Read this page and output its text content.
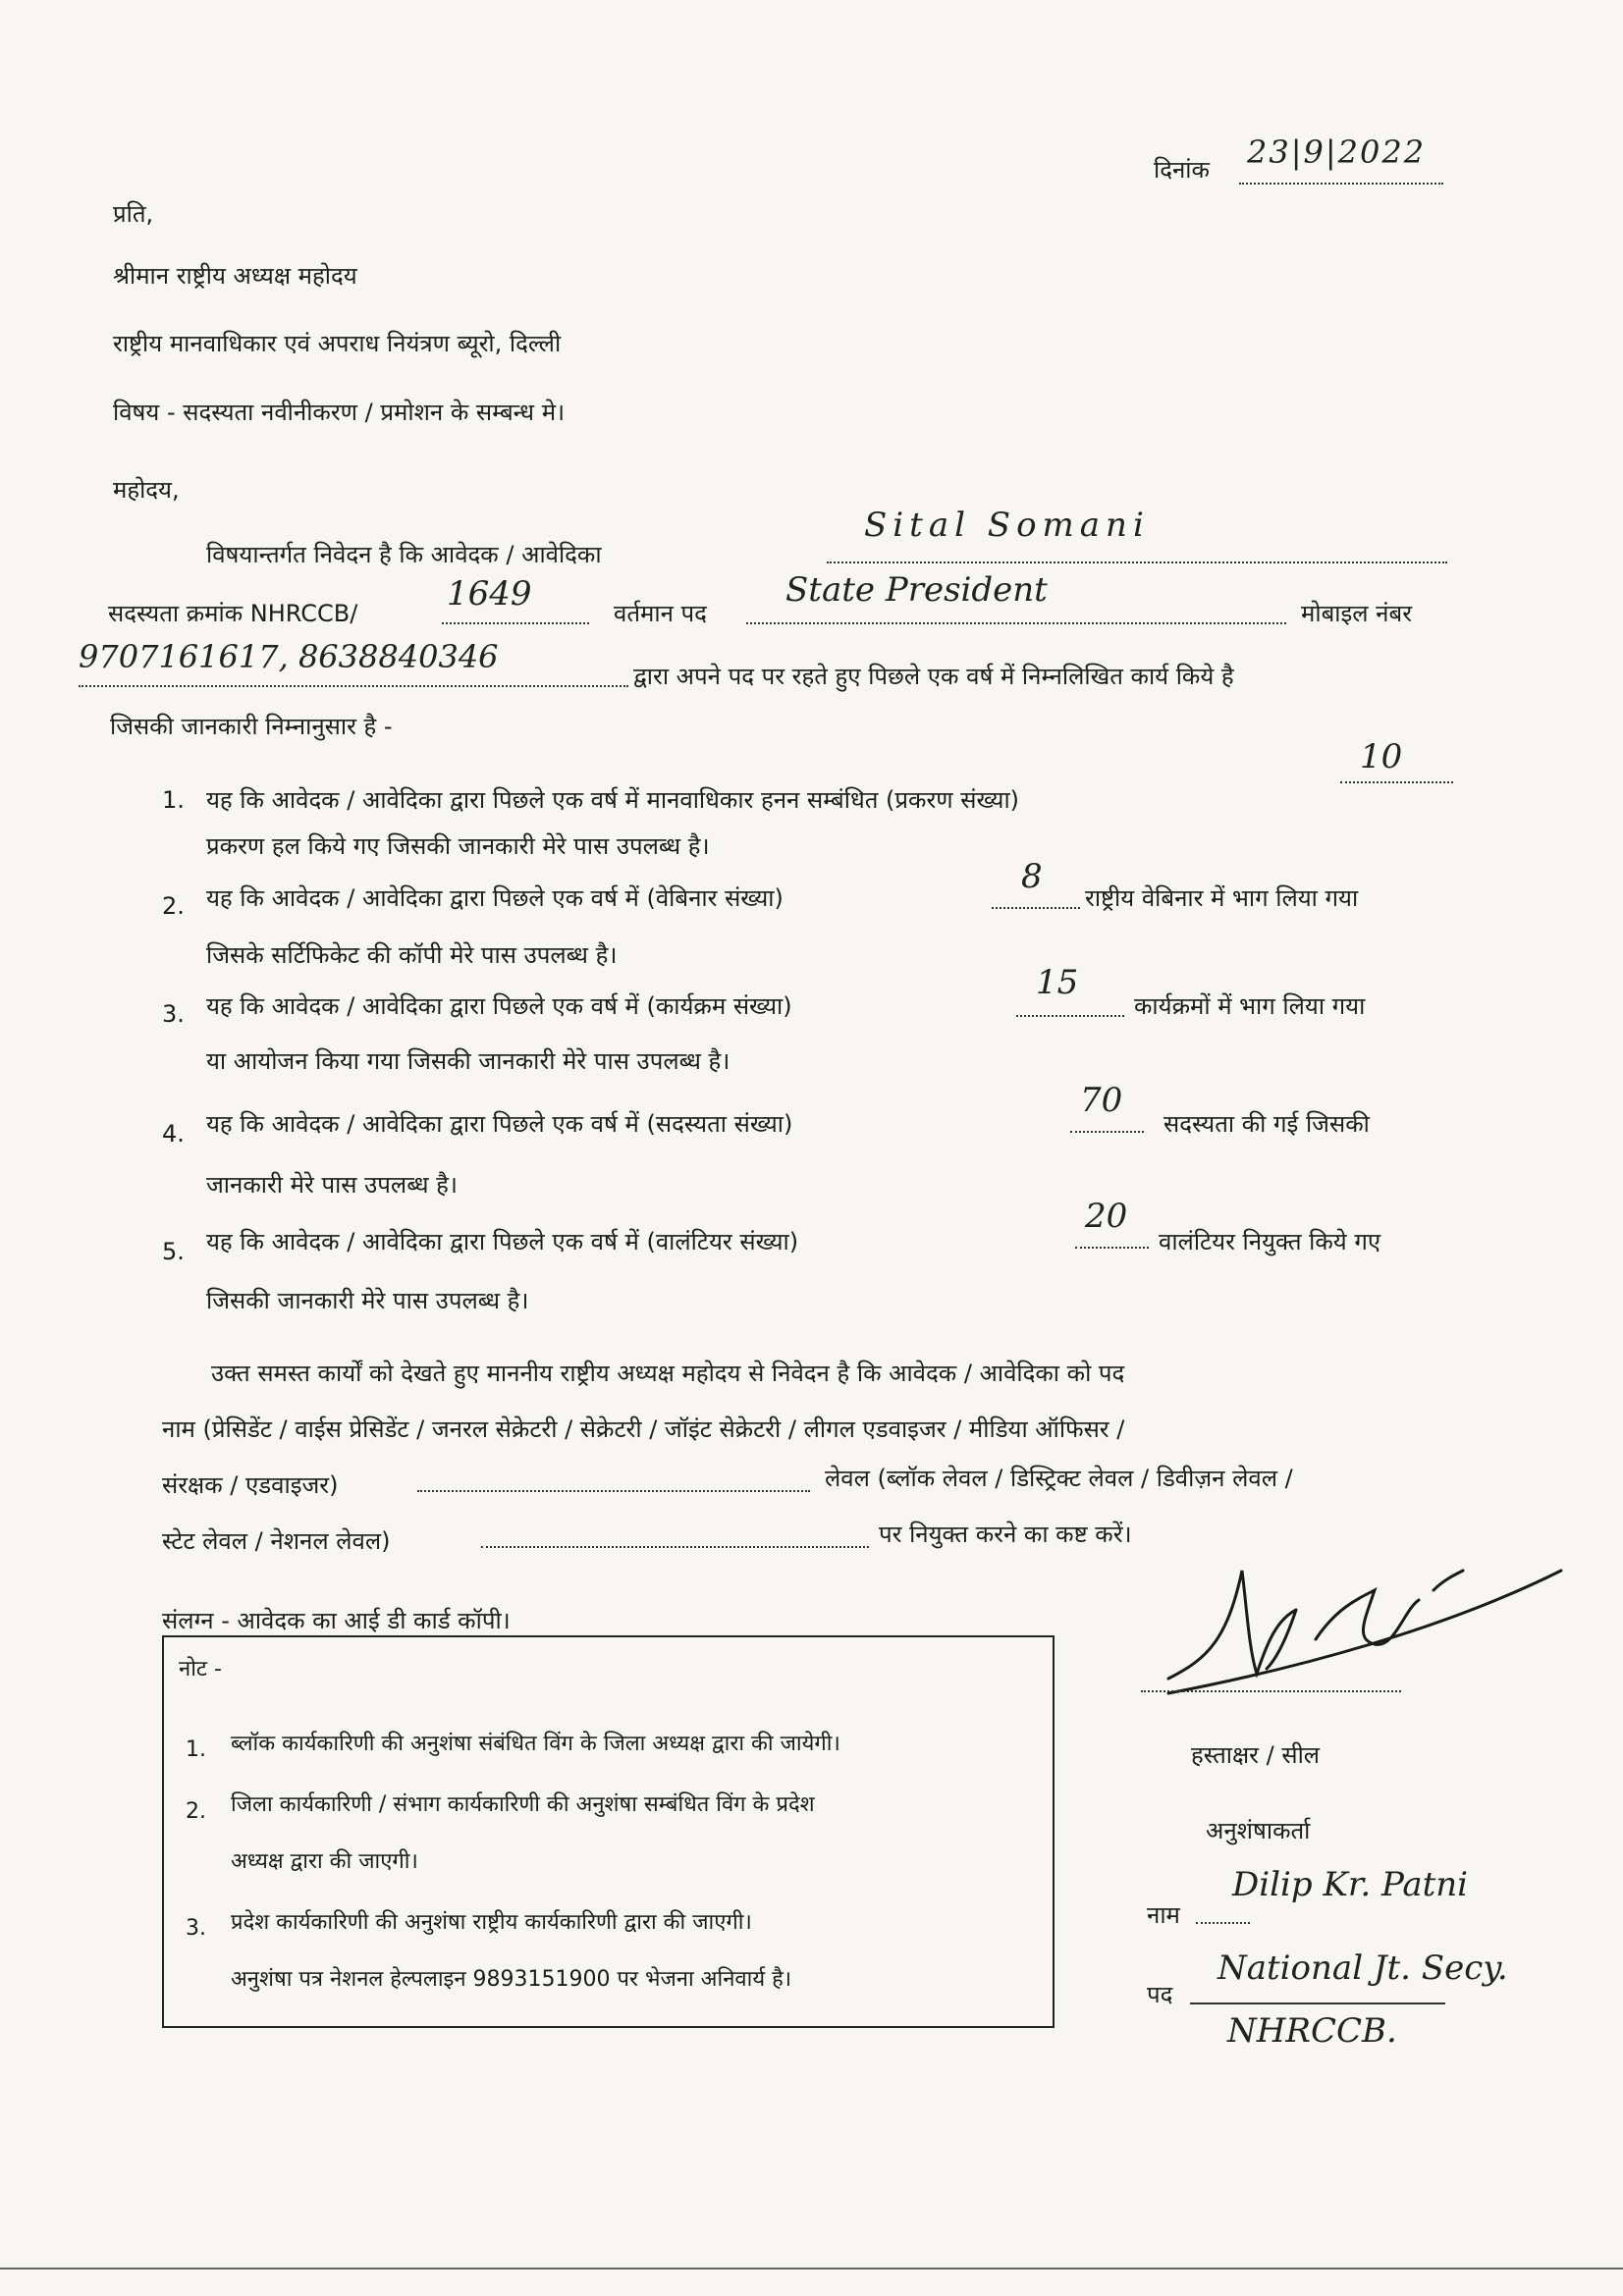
दिनांक 23|9|2022
प्रति,
श्रीमान राष्ट्रीय अध्यक्ष महोदय
राष्ट्रीय मानवाधिकार एवं अपराध नियंत्रण ब्यूरो, दिल्ली
विषय - सदस्यता नवीनीकरण / प्रमोशन के सम्बन्ध मे।
महोदय,
विषयान्तर्गत निवेदन है कि आवेदक / आवेदिका
Sital Somani
सदस्यता क्रमांक NHRCCB/	1649	वर्तमान पद
State President
मोबाइल नंबर
9707161617, 8638840346
द्वारा अपने पद पर रहते हुए पिछले एक वर्ष में निम्नलिखित कार्य किये है
जिसकी जानकारी निम्नानुसार है -
1. यह कि आवेदक / आवेदिका द्वारा पिछले एक वर्ष में मानवाधिकार हनन सम्बंधित (प्रकरण संख्या)
10
प्रकरण हल किये गए जिसकी जानकारी मेरे पास उपलब्ध है।
2. यह कि आवेदक / आवेदिका द्वारा पिछले एक वर्ष में (वेबिनार संख्या)
8
राष्ट्रीय वेबिनार में भाग लिया गया
जिसके सर्टिफिकेट की कॉपी मेरे पास उपलब्ध है।
3. यह कि आवेदक / आवेदिका द्वारा पिछले एक वर्ष में (कार्यक्रम संख्या)
15
कार्यक्रमों में भाग लिया गया
या आयोजन किया गया जिसकी जानकारी मेरे पास उपलब्ध है।
4. यह कि आवेदक / आवेदिका द्वारा पिछले एक वर्ष में (सदस्यता संख्या)
70
सदस्यता की गई जिसकी
जानकारी मेरे पास उपलब्ध है।
5. यह कि आवेदक / आवेदिका द्वारा पिछले एक वर्ष में (वालंटियर संख्या)
20
वालंटियर नियुक्त किये गए
जिसकी जानकारी मेरे पास उपलब्ध है।
उक्त समस्त कार्यों को देखते हुए माननीय राष्ट्रीय अध्यक्ष महोदय से निवेदन है कि आवेदक / आवेदिका को पद
नाम (प्रेसिडेंट / वाईस प्रेसिडेंट / जनरल सेक्रेटरी / सेक्रेटरी / जॉइंट सेक्रेटरी / लीगल एडवाइजर / मीडिया ऑफिसर /
संरक्षक / एडवाइजर)	लेवल (ब्लॉक लेवल / डिस्ट्रिक्ट लेवल / डिवीज़न लेवल /
स्टेट लेवल / नेशनल लेवल)	पर नियुक्त करने का कष्ट करें।
संलग्न - आवेदक का आई डी कार्ड कॉपी।
नोट -
1. ब्लॉक कार्यकारिणी की अनुशंषा संबंधित विंग के जिला अध्यक्ष द्वारा की जायेगी।
2. जिला कार्यकारिणी / संभाग कार्यकारिणी की अनुशंषा सम्बंधित विंग के प्रदेश
अध्यक्ष द्वारा की जाएगी।
3. प्रदेश कार्यकारिणी की अनुशंषा राष्ट्रीय कार्यकारिणी द्वारा की जाएगी।
अनुशंषा पत्र नेशनल हेल्पलाइन 9893151900 पर भेजना अनिवार्य है।
हस्ताक्षर / सील
अनुशंषाकर्ता
नाम
Dilip Kr. Patni
पद
National Jt. Secy.
NHRCCB.
